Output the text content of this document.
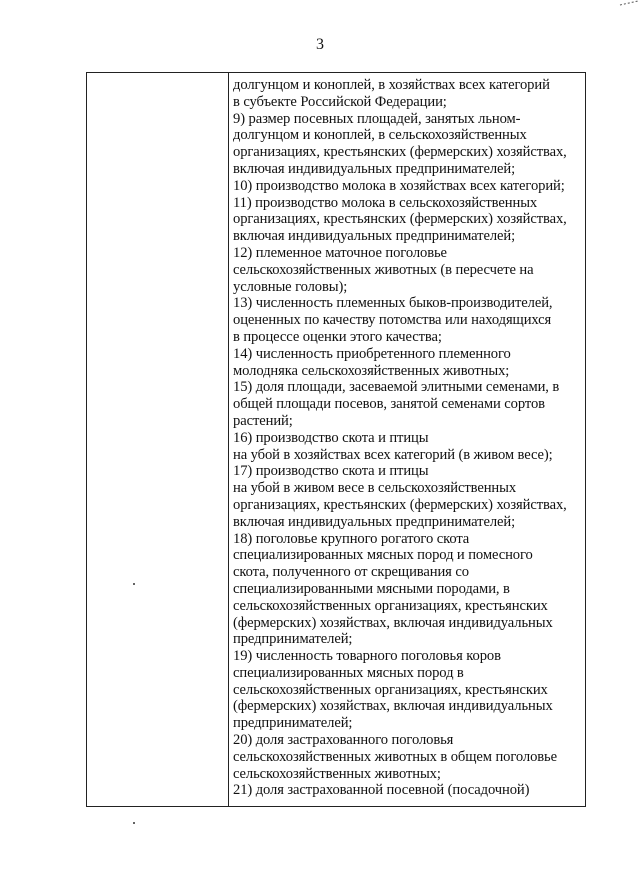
3
долгунцом и коноплей, в хозяйствах всех категорий
в субъекте Российской Федерации;
9) размер посевных площадей, занятых льном-
долгунцом и коноплей, в сельскохозяйственных
организациях, крестьянских (фермерских) хозяйствах,
включая индивидуальных предпринимателей;
10) производство молока в хозяйствах всех категорий;
11) производство молока в сельскохозяйственных
организациях, крестьянских (фермерских) хозяйствах,
включая индивидуальных предпринимателей;
12) племенное маточное поголовье
сельскохозяйственных животных (в пересчете на
условные головы);
13) численность племенных быков-производителей,
оцененных по качеству потомства или находящихся
в процессе оценки этого качества;
14) численность приобретенного племенного
молодняка сельскохозяйственных животных;
15) доля площади, засеваемой элитными семенами, в
общей площади посевов, занятой семенами сортов
растений;
16) производство скота и птицы
на убой в хозяйствах всех категорий (в живом весе);
17) производство скота и птицы
на убой в живом весе в сельскохозяйственных
организациях, крестьянских (фермерских) хозяйствах,
включая индивидуальных предпринимателей;
18) поголовье крупного рогатого скота
специализированных мясных пород и помесного
скота, полученного от скрещивания со
специализированными мясными породами, в
сельскохозяйственных организациях, крестьянских
(фермерских) хозяйствах, включая индивидуальных
предпринимателей;
19) численность товарного поголовья коров
специализированных мясных пород в
сельскохозяйственных организациях, крестьянских
(фермерских) хозяйствах, включая индивидуальных
предпринимателей;
20) доля застрахованного поголовья
сельскохозяйственных животных в общем поголовье
сельскохозяйственных животных;
21) доля застрахованной посевной (посадочной)
